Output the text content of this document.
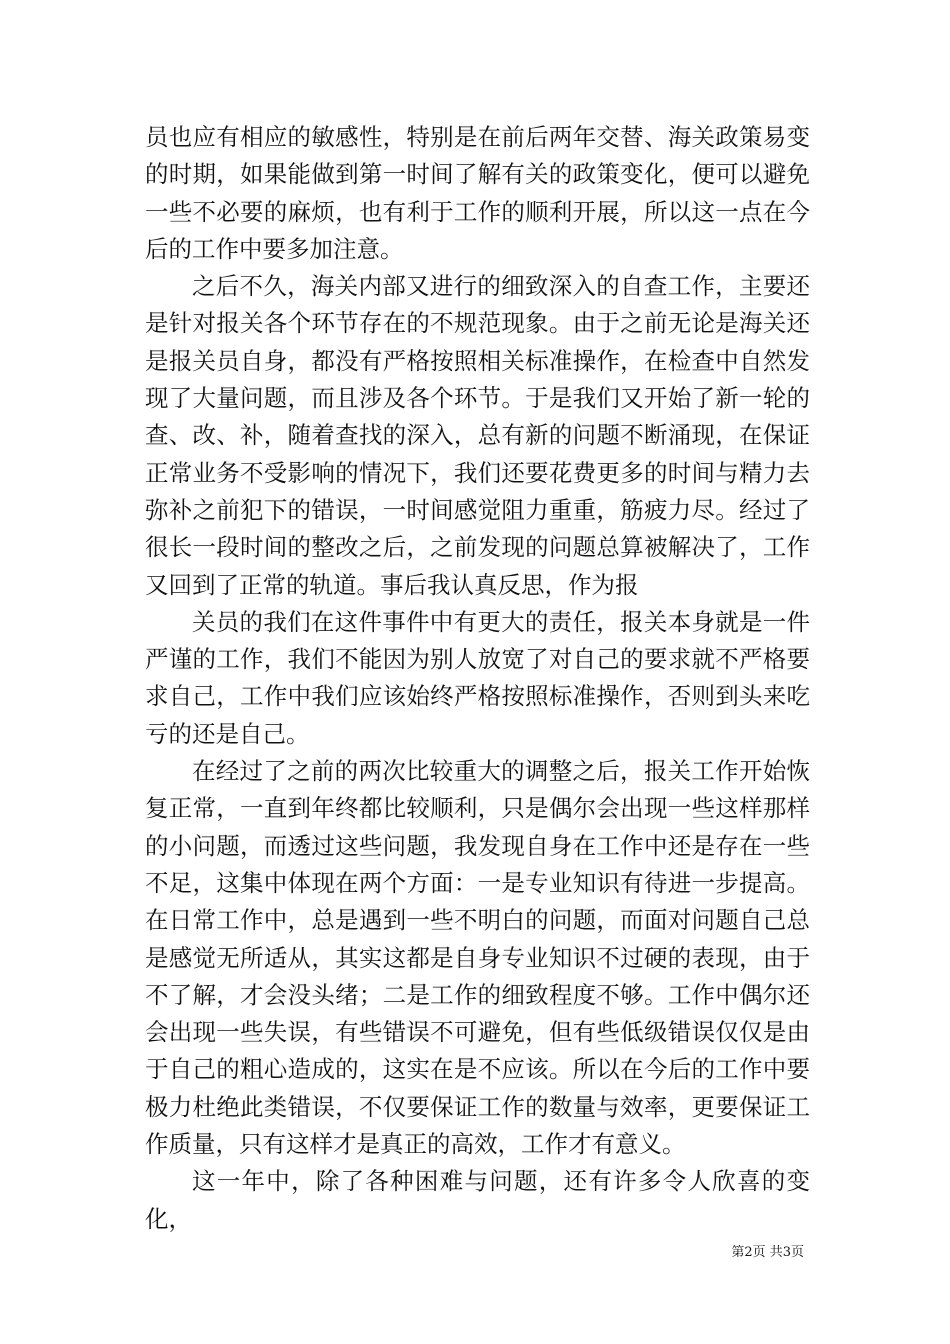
员也应有相应的敏感性，特别是在前后两年交替、海关政策易变的时期，如果能做到第一时间了解有关的政策变化，便可以避免一些不必要的麻烦，也有利于工作的顺利开展，所以这一点在今后的工作中要多加注意。

之后不久，海关内部又进行的细致深入的自查工作，主要还是针对报关各个环节存在的不规范现象。由于之前无论是海关还是报关员自身，都没有严格按照相关标准操作，在检查中自然发现了大量问题，而且涉及各个环节。于是我们又开始了新一轮的查、改、补，随着查找的深入，总有新的问题不断涌现，在保证正常业务不受影响的情况下，我们还要花费更多的时间与精力去弥补之前犯下的错误，一时间感觉阻力重重，筋疲力尽。经过了很长一段时间的整改之后，之前发现的问题总算被解决了，工作又回到了正常的轨道。事后我认真反思，作为报

关员的我们在这件事件中有更大的责任，报关本身就是一件严谨的工作，我们不能因为别人放宽了对自己的要求就不严格要求自己，工作中我们应该始终严格按照标准操作，否则到头来吃亏的还是自己。

在经过了之前的两次比较重大的调整之后，报关工作开始恢复正常，一直到年终都比较顺利，只是偶尔会出现一些这样那样的小问题，而透过这些问题，我发现自身在工作中还是存在一些不足，这集中体现在两个方面：一是专业知识有待进一步提高。在日常工作中，总是遇到一些不明白的问题，而面对问题自己总是感觉无所适从，其实这都是自身专业知识不过硬的表现，由于不了解，才会没头绪；二是工作的细致程度不够。工作中偶尔还会出现一些失误，有些错误不可避免，但有些低级错误仅仅是由于自己的粗心造成的，这实在是不应该。所以在今后的工作中要极力杜绝此类错误，不仅要保证工作的数量与效率，更要保证工作质量，只有这样才是真正的高效，工作才有意义。

这一年中，除了各种困难与问题，还有许多令人欣喜的变化，

第2页 共3页
